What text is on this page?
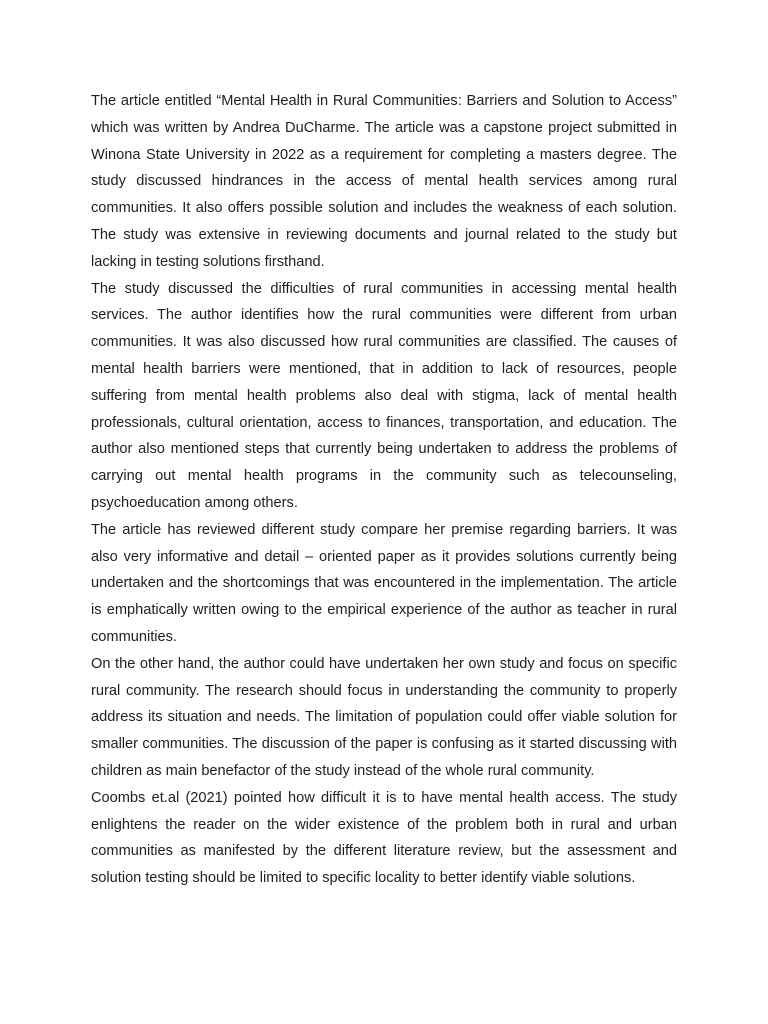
The article entitled “Mental Health in Rural Communities: Barriers and Solution to Access” which was written by Andrea DuCharme. The article was a capstone project submitted in Winona State University in 2022 as a requirement for completing a masters degree. The study discussed hindrances in the access of mental health services among rural communities. It also offers possible solution and includes the weakness of each solution. The study was extensive in reviewing documents and journal related to the study but lacking in testing solutions firsthand.

The study discussed the difficulties of rural communities in accessing mental health services. The author identifies how the rural communities were different from urban communities. It was also discussed how rural communities are classified. The causes of mental health barriers were mentioned, that in addition to lack of resources, people suffering from mental health problems also deal with stigma, lack of mental health professionals, cultural orientation, access to finances, transportation, and education. The author also mentioned steps that currently being undertaken to address the problems of carrying out mental health programs in the community such as telecounseling, psychoeducation among others.

The article has reviewed different study compare her premise regarding barriers. It was also very informative and detail – oriented paper as it provides solutions currently being undertaken and the shortcomings that was encountered in the implementation. The article is emphatically written owing to the empirical experience of the author as teacher in rural communities.

On the other hand, the author could have undertaken her own study and focus on specific rural community. The research should focus in understanding the community to properly address its situation and needs. The limitation of population could offer viable solution for smaller communities. The discussion of the paper is confusing as it started discussing with children as main benefactor of the study instead of the whole rural community.

Coombs et.al (2021) pointed how difficult it is to have mental health access. The study enlightens the reader on the wider existence of the problem both in rural and urban communities as manifested by the different literature review, but the assessment and solution testing should be limited to specific locality to better identify viable solutions.
